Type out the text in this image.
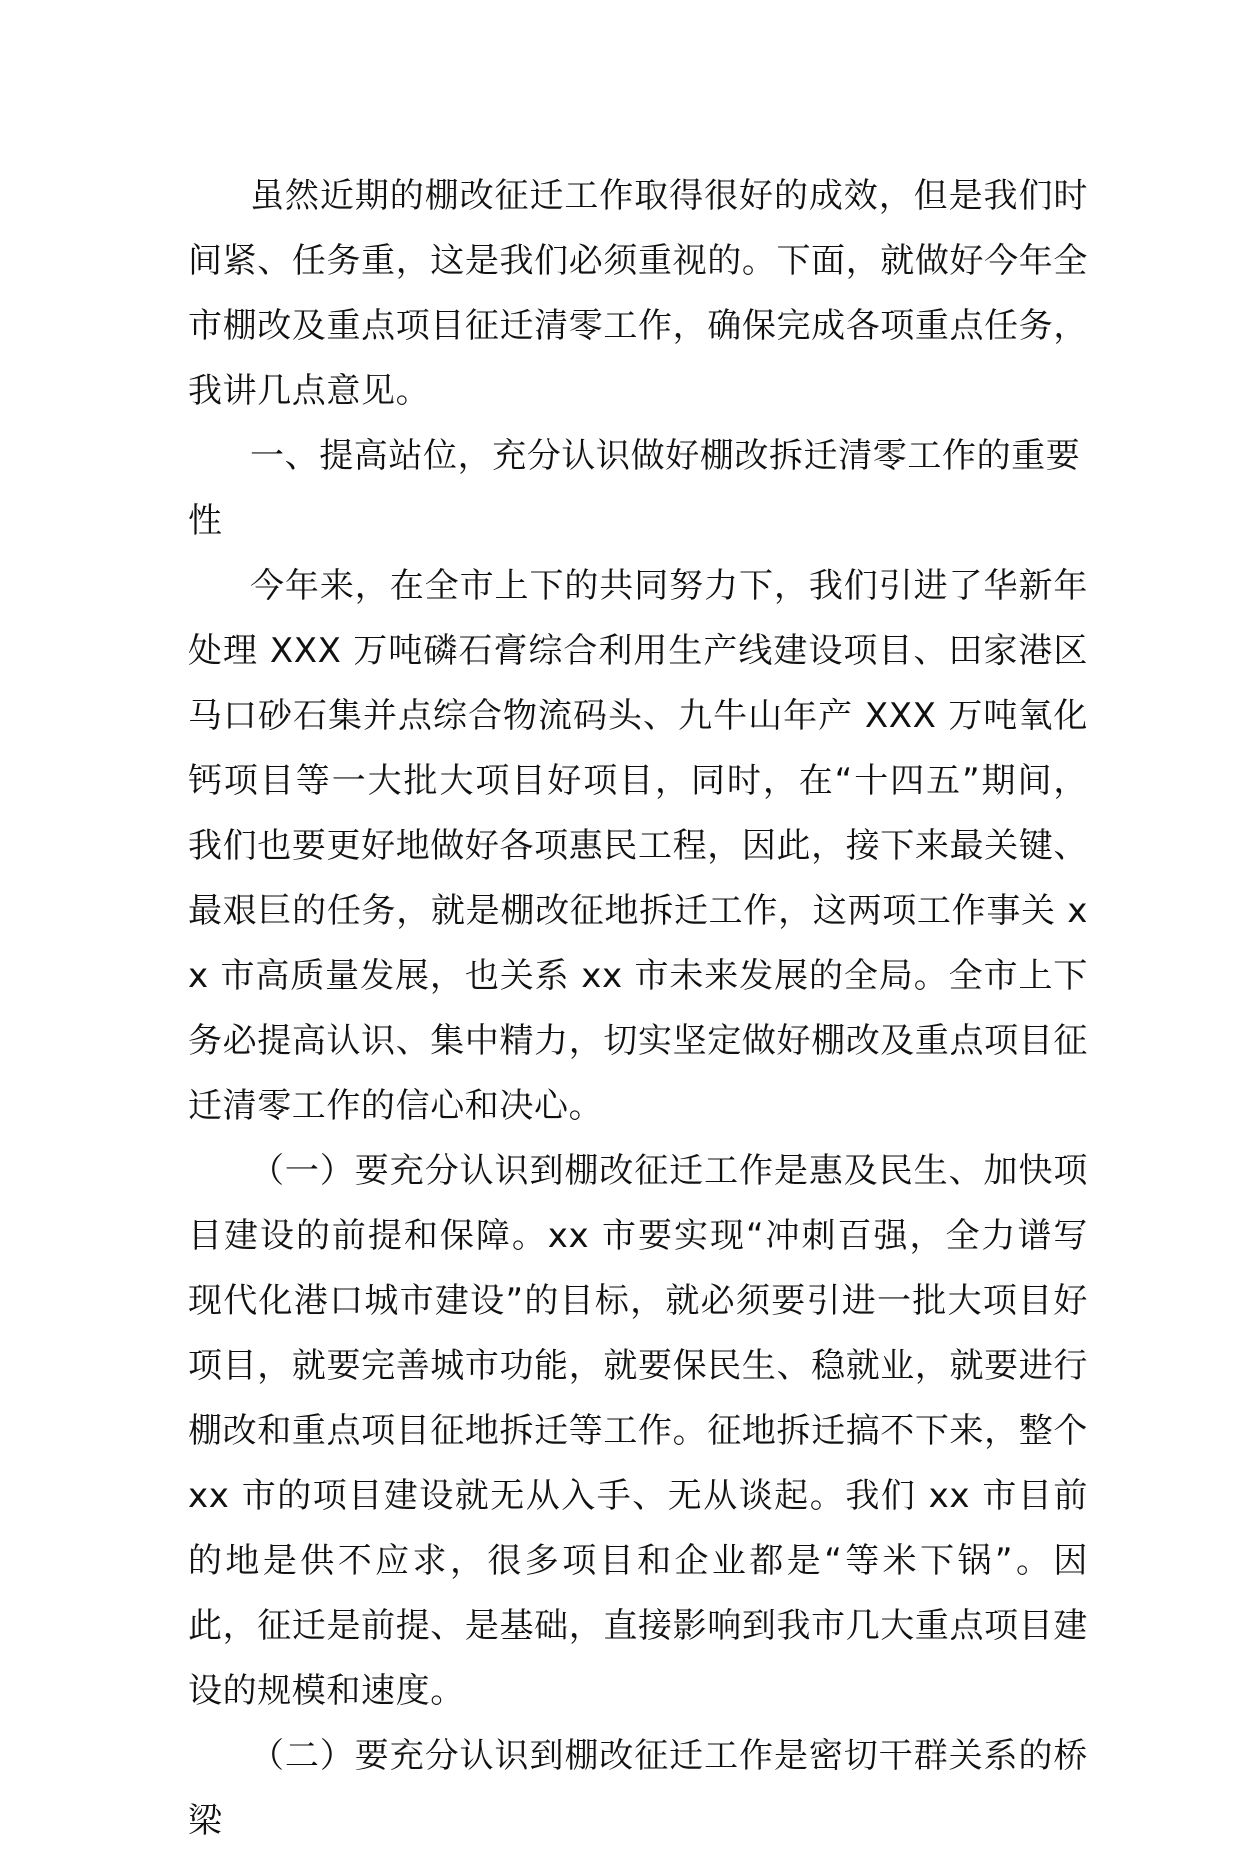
虽然近期的棚改征迁工作取得很好的成效，但是我们时间紧、任务重，这是我们必须重视的。下面，就做好今年全市棚改及重点项目征迁清零工作，确保完成各项重点任务，我讲几点意见。

一、提高站位，充分认识做好棚改拆迁清零工作的重要性

今年来，在全市上下的共同努力下，我们引进了华新年处理 XXX 万吨磷石膏综合利用生产线建设项目、田家港区马口砂石集并点综合物流码头、九牛山年产 XXX 万吨氧化钙项目等一大批大项目好项目，同时，在“十四五”期间，我们也要更好地做好各项惠民工程，因此，接下来最关键、最艰巨的任务，就是棚改征地拆迁工作，这两项工作事关 xx 市高质量发展，也关系 xx 市未来发展的全局。全市上下务必提高认识、集中精力，切实坚定做好棚改及重点项目征迁清零工作的信心和决心。

（一）要充分认识到棚改征迁工作是惠及民生、加快项目建设的前提和保障。xx 市要实现“冲刺百强，全力谱写现代化港口城市建设”的目标，就必须要引进一批大项目好项目，就要完善城市功能，就要保民生、稳就业，就要进行棚改和重点项目征地拆迁等工作。征地拆迁搞不下来，整个 xx 市的项目建设就无从入手、无从谈起。我们 xx 市目前的地是供不应求，很多项目和企业都是“等米下锅”。因此，征迁是前提、是基础，直接影响到我市几大重点项目建设的规模和速度。

（二）要充分认识到棚改征迁工作是密切干群关系的桥梁
